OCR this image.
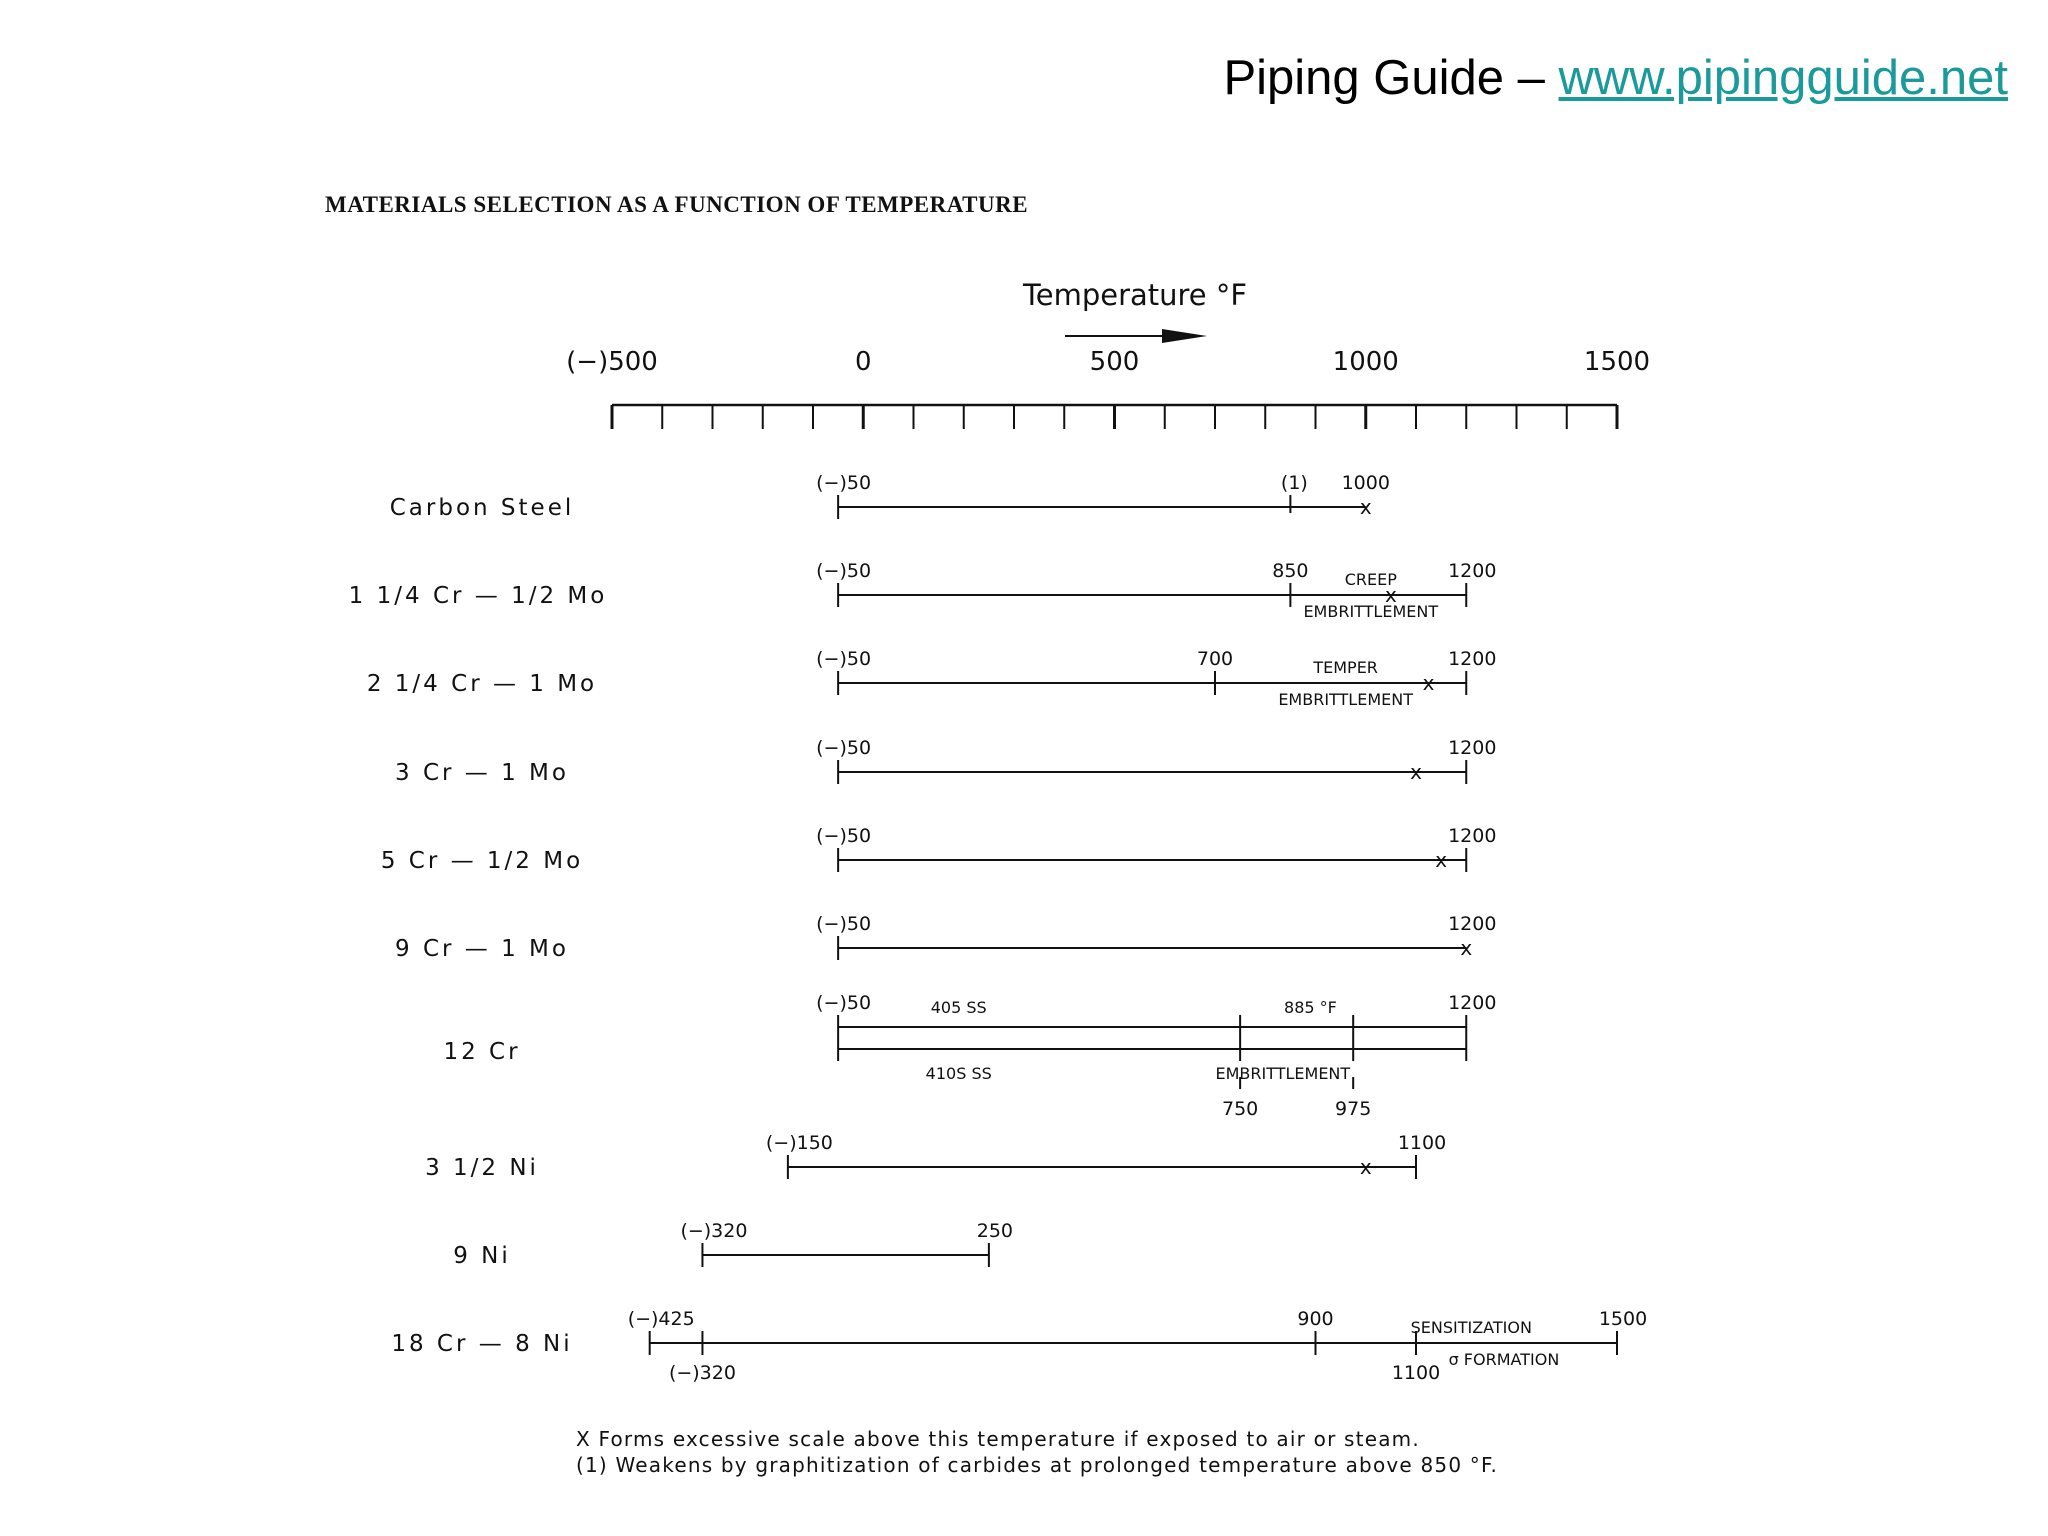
Piping Guide – www.pipingguide.net
MATERIALS SELECTION AS A FUNCTION OF TEMPERATURE
Temperature °F
(−)500	0	500	1000	1500
Carbon Steel
(1)
(−)50	1000
x
1 1/4 Cr — 1/2 Mo
(−)50	850	1200
CREEP
EMBRITTLEMENT
x
2 1/4 Cr — 1 Mo
(−)50	700	1200
TEMPER
EMBRITTLEMENT
x
3 Cr — 1 Mo
(−)50	1200
x
5 Cr — 1/2 Mo
(−)50	1200
x
9 Cr — 1 Mo
(−)50	1200
x
12 Cr
(−)50
750	975
1200
405 SS
410S SS
885 °F
EMBRITTLEMENT
3 1/2 Ni
(−)150	1100
x
9 Ni
(−)320	250
18 Cr — 8 Ni
(−)425
(−)320
900
1100
1500
SENSITIZATION
σ FORMATION
X Forms excessive scale above this temperature if exposed to air or steam.
(1) Weakens by graphitization of carbides at prolonged temperature above 850 °F.
